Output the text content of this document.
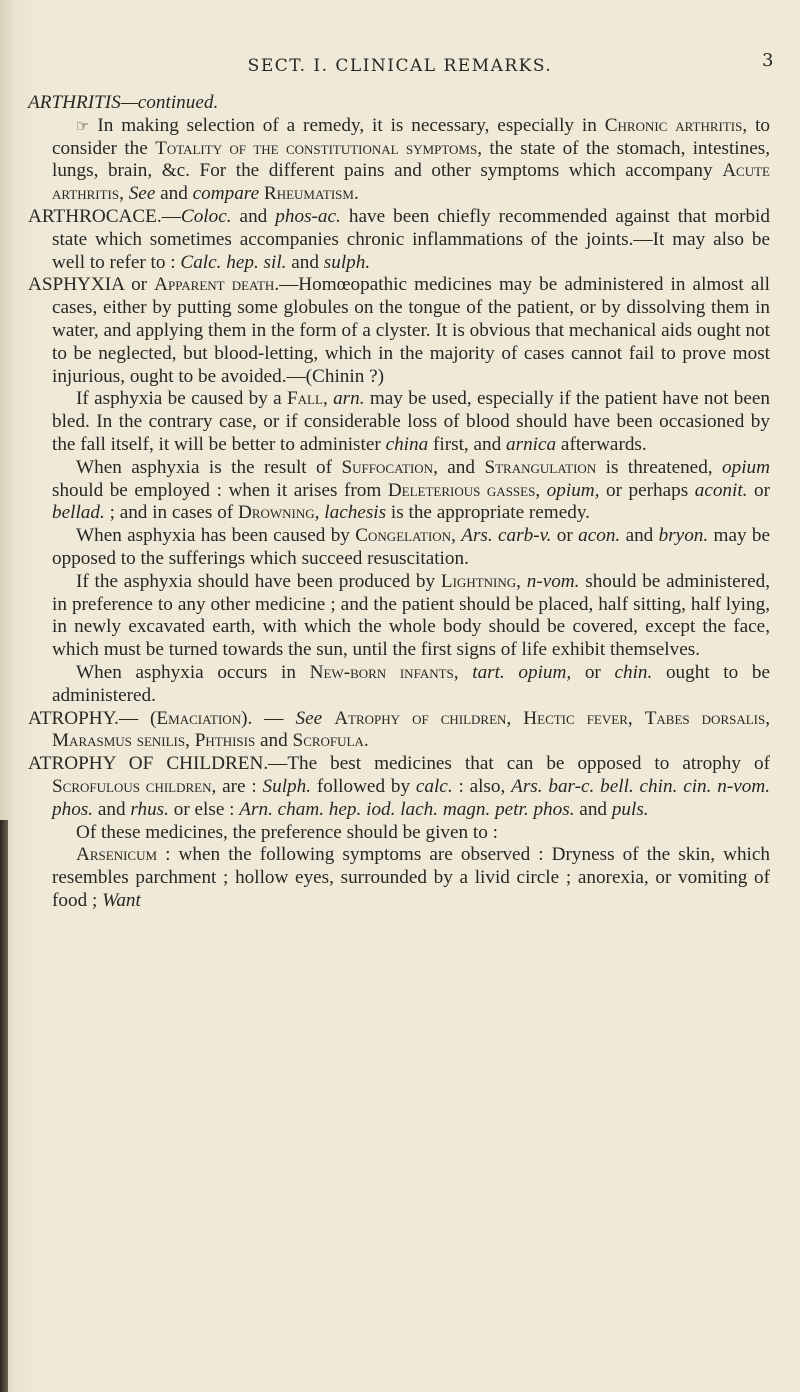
SECT. I. CLINICAL REMARKS.	3

ARTHRITIS—continued.

☞ In making selection of a remedy, it is necessary, especially in Chronic arthritis, to consider the Totality of the constitutional symptoms, the state of the stomach, intestines, lungs, brain, &c. For the different pains and other symptoms which accompany Acute arthritis, See and compare Rheumatism.

ARTHROCACE.—Coloc. and phos-ac. have been chiefly recommended against that morbid state which sometimes accompanies chronic inflammations of the joints.—It may also be well to refer to : Calc. hep. sil. and sulph.

ASPHYXIA or Apparent death.—Homœopathic medicines may be administered in almost all cases, either by putting some globules on the tongue of the patient, or by dissolving them in water, and applying them in the form of a clyster. It is obvious that mechanical aids ought not to be neglected, but blood-letting, which in the majority of cases cannot fail to prove most injurious, ought to be avoided.—(Chinin ?)

If asphyxia be caused by a Fall, arn. may be used, especially if the patient have not been bled. In the contrary case, or if considerable loss of blood should have been occasioned by the fall itself, it will be better to administer china first, and arnica afterwards.

When asphyxia is the result of Suffocation, and Strangulation is threatened, opium should be employed : when it arises from Deleterious gasses, opium, or perhaps aconit. or bellad. ; and in cases of Drowning, lachesis is the appropriate remedy.

When asphyxia has been caused by Congelation, Ars. carb-v. or acon. and bryon. may be opposed to the sufferings which succeed resuscitation.

If the asphyxia should have been produced by Lightning, n-vom. should be administered, in preference to any other medicine ; and the patient should be placed, half sitting, half lying, in newly excavated earth, with which the whole body should be covered, except the face, which must be turned towards the sun, until the first signs of life exhibit themselves.

When asphyxia occurs in New-born infants, tart. opium, or chin. ought to be administered.

ATROPHY.— (Emaciation). — See Atrophy of children, Hectic fever, Tabes dorsalis, Marasmus senilis, Phthisis and Scrofula.

ATROPHY OF CHILDREN.—The best medicines that can be opposed to atrophy of Scrofulous children, are : Sulph. followed by calc. : also, Ars. bar-c. bell. chin. cin. n-vom. phos. and rhus. or else : Arn. cham. hep. iod. lach. magn. petr. phos. and puls.

Of these medicines, the preference should be given to :

Arsenicum : when the following symptoms are observed : Dryness of the skin, which resembles parchment ; hollow eyes, surrounded by a livid circle ; anorexia, or vomiting of food ; Want
